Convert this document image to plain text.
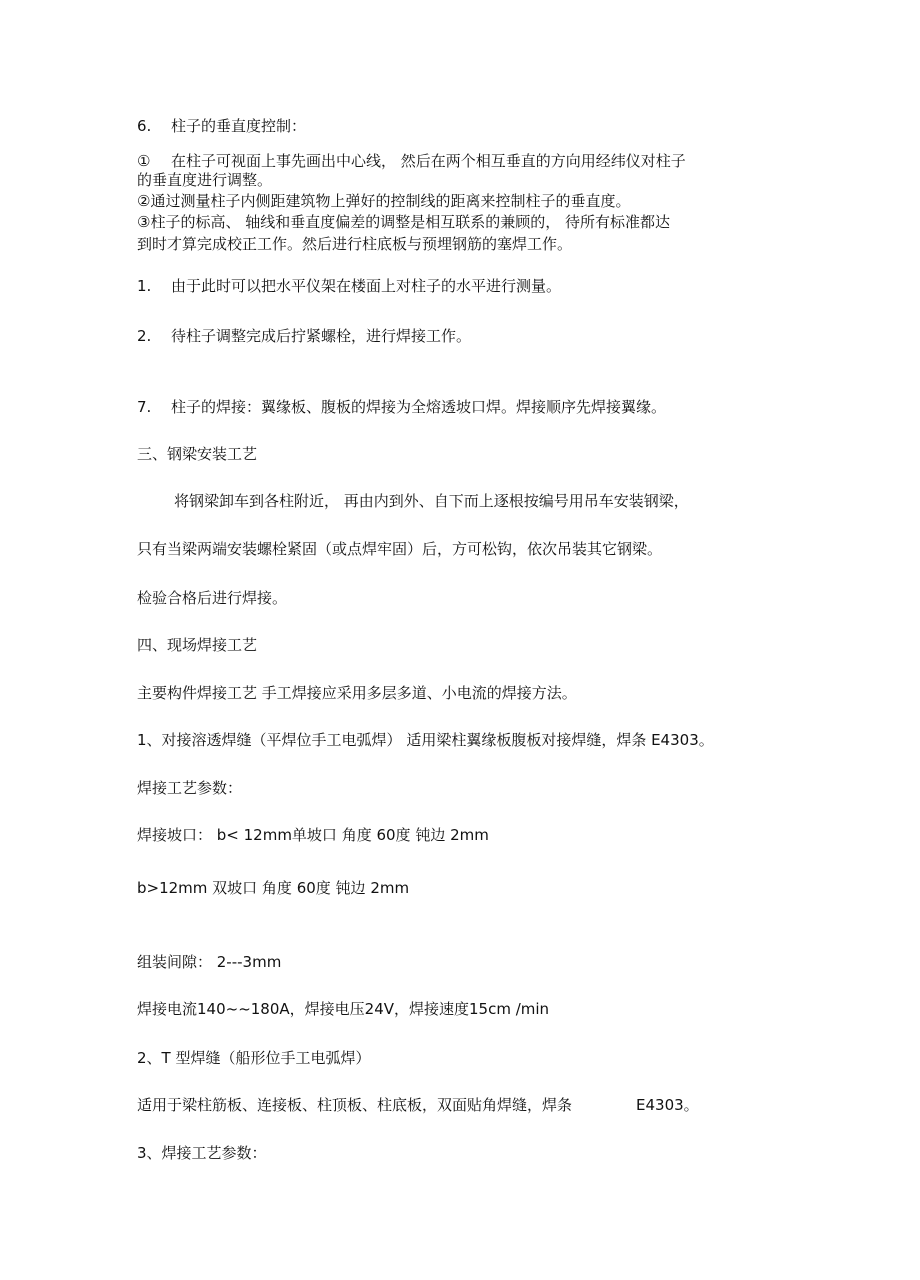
6. 柱子的垂直度控制：
① 在柱子可视面上事先画出中心线， 然后在两个相互垂直的方向用经纬仪对柱子
的垂直度进行调整。
②通过测量柱子内侧距建筑物上弹好的控制线的距离来控制柱子的垂直度。
③柱子的标高、 轴线和垂直度偏差的调整是相互联系的兼顾的， 待所有标准都达
到时才算完成校正工作。然后进行柱底板与预埋钢筋的塞焊工作。
1. 由于此时可以把水平仪架在楼面上对柱子的水平进行测量。
2. 待柱子调整完成后拧紧螺栓，进行焊接工作。
7. 柱子的焊接：翼缘板、腹板的焊接为全熔透坡口焊。焊接顺序先焊接翼缘。
三、钢梁安装工艺
将钢梁卸车到各柱附近， 再由内到外、自下而上逐根按编号用吊车安装钢梁，
只有当梁两端安装螺栓紧固（或点焊牢固）后，方可松钩，依次吊装其它钢梁。
检验合格后进行焊接。
四、现场焊接工艺
主要构件焊接工艺 手工焊接应采用多层多道、小电流的焊接方法。
1、对接溶透焊缝（平焊位手工电弧焊） 适用梁柱翼缘板腹板对接焊缝，焊条 E4303。
焊接工艺参数：
焊接坡口： b< 12mm单坡口 角度 60度 钝边 2mm
b>12mm 双坡口 角度 60度 钝边 2mm
组装间隙： 2---3mm
焊接电流140~~180A，焊接电压24V，焊接速度15cm /min
2、T 型焊缝（船形位手工电弧焊）
适用于梁柱筋板、连接板、柱顶板、柱底板，双面贴角焊缝，焊条	E4303。
3、焊接工艺参数：
